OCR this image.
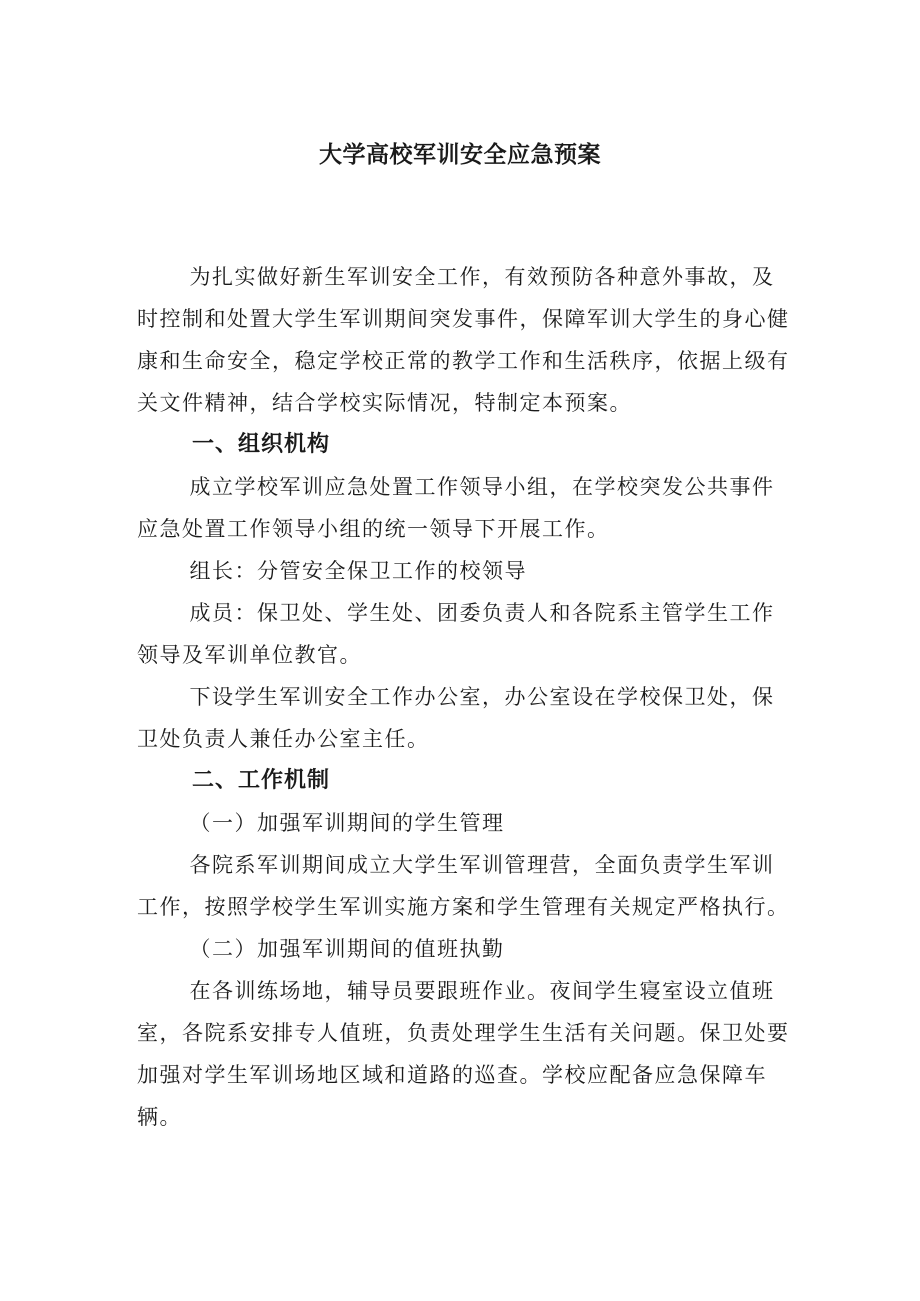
大学高校军训安全应急预案

为扎实做好新生军训安全工作，有效预防各种意外事故，及时控制和处置大学生军训期间突发事件，保障军训大学生的身心健康和生命安全，稳定学校正常的教学工作和生活秩序，依据上级有关文件精神，结合学校实际情况，特制定本预案。

一、组织机构

成立学校军训应急处置工作领导小组，在学校突发公共事件应急处置工作领导小组的统一领导下开展工作。

组长：分管安全保卫工作的校领导

成员：保卫处、学生处、团委负责人和各院系主管学生工作领导及军训单位教官。

下设学生军训安全工作办公室，办公室设在学校保卫处，保卫处负责人兼任办公室主任。

二、工作机制

（一）加强军训期间的学生管理

各院系军训期间成立大学生军训管理营，全面负责学生军训工作，按照学校学生军训实施方案和学生管理有关规定严格执行。

（二）加强军训期间的值班执勤

在各训练场地，辅导员要跟班作业。夜间学生寝室设立值班室，各院系安排专人值班，负责处理学生生活有关问题。保卫处要加强对学生军训场地区域和道路的巡查。学校应配备应急保障车辆。
